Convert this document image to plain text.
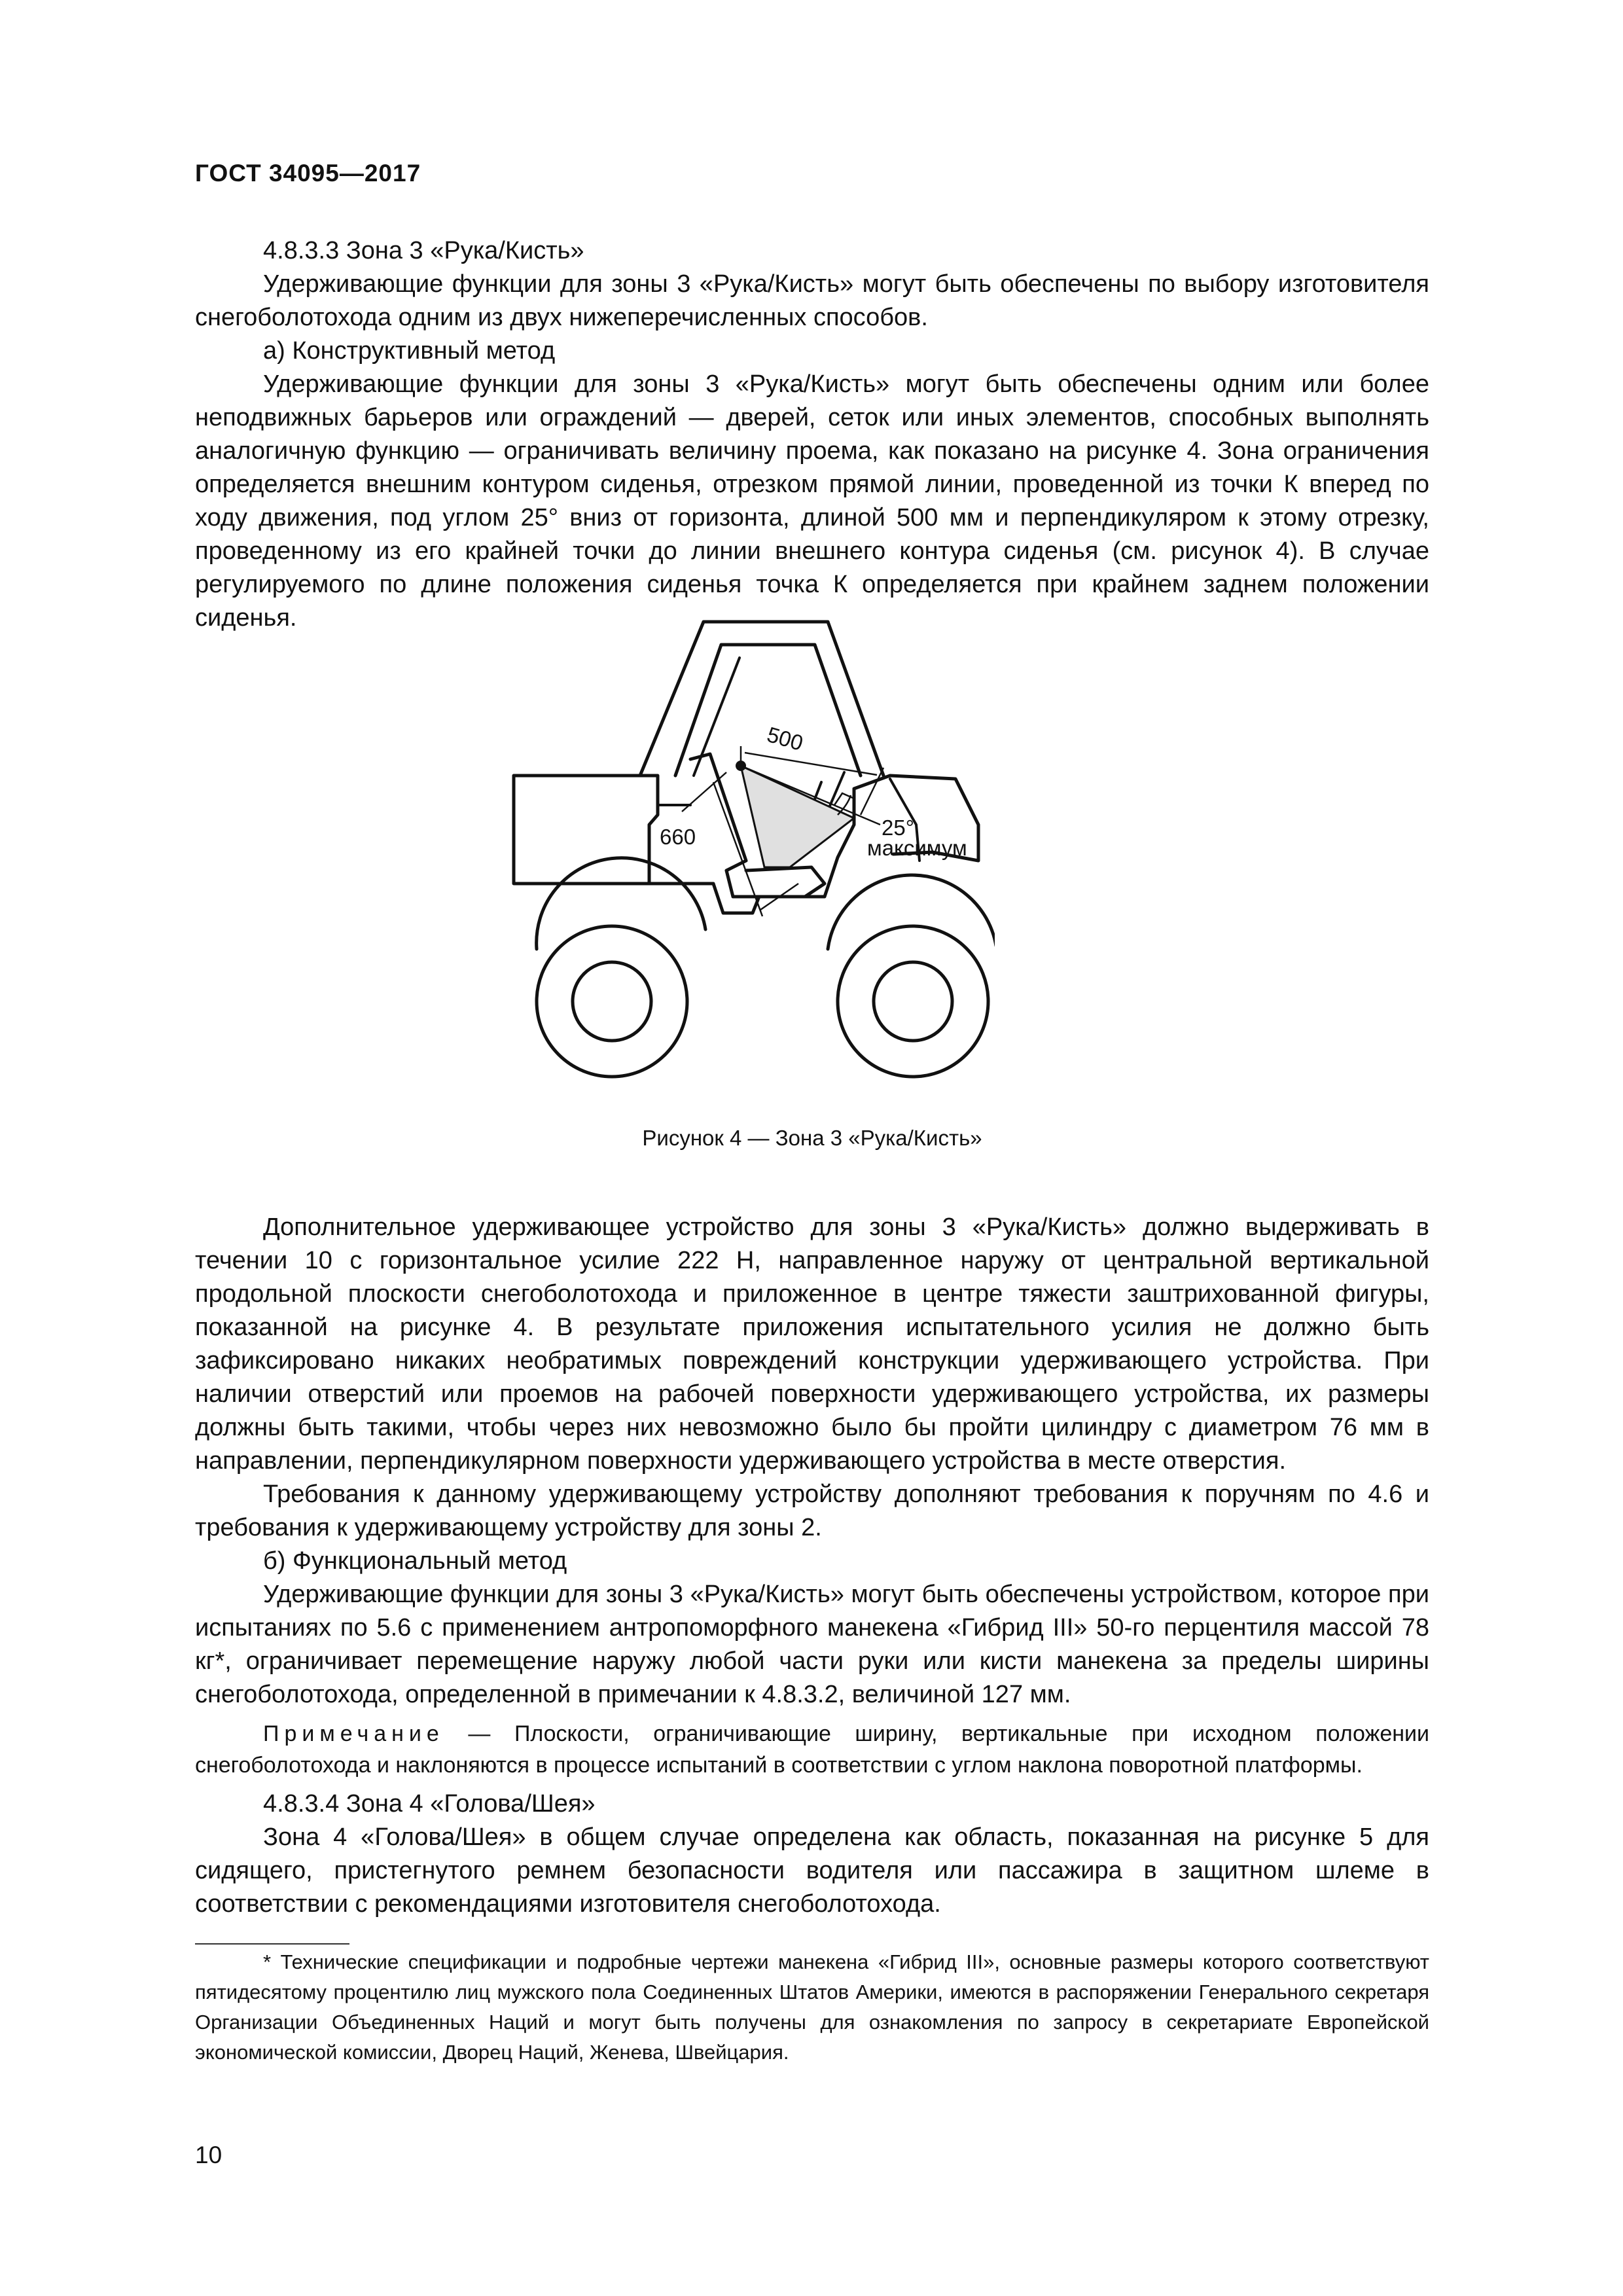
ГОСТ 34095—2017

4.8.3.3 Зона 3 «Рука/Кисть»

Удерживающие функции для зоны 3 «Рука/Кисть» могут быть обеспечены по выбору изготовителя снегоболотохода одним из двух нижеперечисленных способов.

а) Конструктивный метод

Удерживающие функции для зоны 3 «Рука/Кисть» могут быть обеспечены одним или более неподвижных барьеров или ограждений — дверей, сеток или иных элементов, способных выполнять аналогичную функцию — ограничивать величину проема, как показано на рисунке 4. Зона ограничения определяется внешним контуром сиденья, отрезком прямой линии, проведенной из точки К вперед по ходу движения, под углом 25° вниз от горизонта, длиной 500 мм и перпендикуляром к этому отрезку, проведенному из его крайней точки до линии внешнего контура сиденья (см. рисунок 4). В случае регулируемого по длине положения сиденья точка К определяется при крайнем заднем положении сиденья.

500
660	25°
максимум
Рисунок 4 — Зона 3 «Рука/Кисть»

Дополнительное удерживающее устройство для зоны 3 «Рука/Кисть» должно выдерживать в течении 10 с горизонтальное усилие 222 Н, направленное наружу от центральной вертикальной продольной плоскости снегоболотохода и приложенное в центре тяжести заштрихованной фигуры, показанной на рисунке 4. В результате приложения испытательного усилия не должно быть зафиксировано никаких необратимых повреждений конструкции удерживающего устройства. При наличии отверстий или проемов на рабочей поверхности удерживающего устройства, их размеры должны быть такими, чтобы через них невозможно было бы пройти цилиндру с диаметром 76 мм в направлении, перпендикулярном поверхности удерживающего устройства в месте отверстия.

Требования к данному удерживающему устройству дополняют требования к поручням по 4.6 и требования к удерживающему устройству для зоны 2.

б) Функциональный метод

Удерживающие функции для зоны 3 «Рука/Кисть» могут быть обеспечены устройством, которое при испытаниях по 5.6 с применением антропоморфного манекена «Гибрид III» 50-го перцентиля массой 78 кг*, ограничивает перемещение наружу любой части руки или кисти манекена за пределы ширины снегоболотохода, определенной в примечании к 4.8.3.2, величиной 127 мм.

Примечание — Плоскости, ограничивающие ширину, вертикальные при исходном положении снегоболотохода и наклоняются в процессе испытаний в соответствии с углом наклона поворотной платформы.

4.8.3.4 Зона 4 «Голова/Шея»

Зона 4 «Голова/Шея» в общем случае определена как область, показанная на рисунке 5 для сидящего, пристегнутого ремнем безопасности водителя или пассажира в защитном шлеме в соответствии с рекомендациями изготовителя снегоболотохода.

* Технические спецификации и подробные чертежи манекена «Гибрид III», основные размеры которого соответствуют пятидесятому процентилю лиц мужского пола Соединенных Штатов Америки, имеются в распоряжении Генерального секретаря Организации Объединенных Наций и могут быть получены для ознакомления по запросу в секретариате Европейской экономической комиссии, Дворец Наций, Женева, Швейцария.

10
